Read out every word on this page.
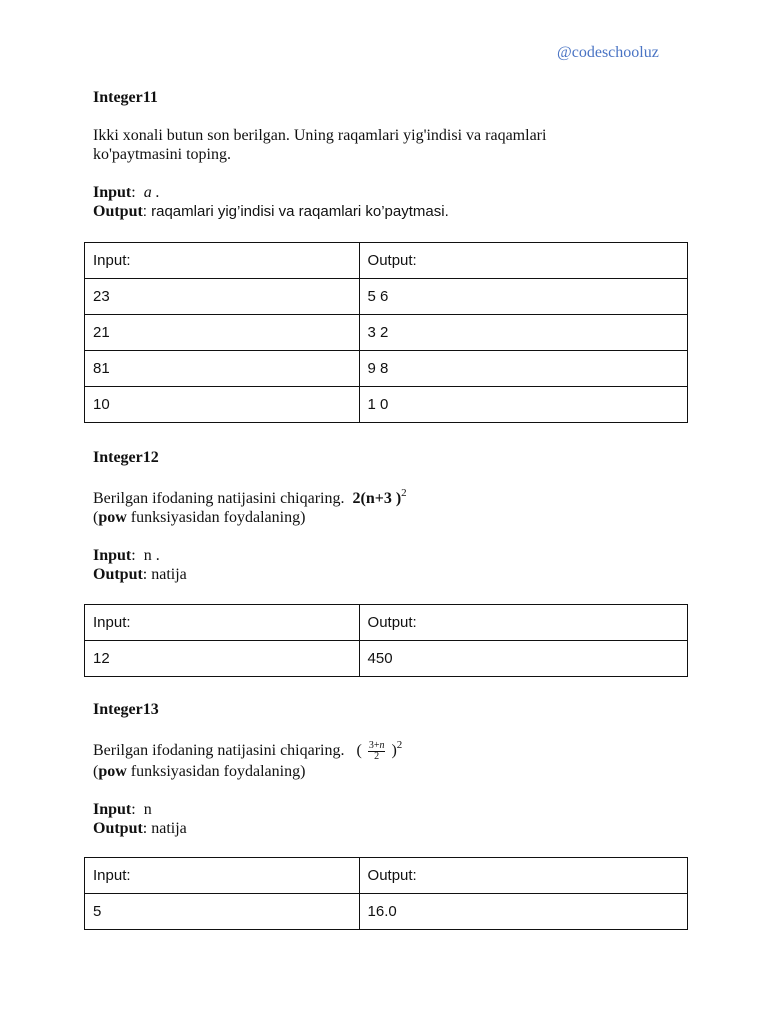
@codeschooluz
Integer11
Ikki xonali butun son berilgan. Uning raqamlari yig'indisi va raqamlari
ko'paytmasini toping.
Input:  a .
Output: raqamlari yig’indisi va raqamlari ko’paytmasi.
Input:	Output:
23	5 6
21	3 2
81	9 8
10	1 0
Integer12
Berilgan ifodaning natijasini chiqaring. 2(n+3 )$^2$
(pow funksiyasidan foydalaning)
Input:  n .
Output: natija
Input:	Output:
12	450
Integer13
Berilgan ifodaning natijasini chiqaring. ( $\frac{3+n}{2} )^2$
(pow funksiyasidan foydalaning)
Input:  n
Output: natija
Input:	Output:
5	16.0
